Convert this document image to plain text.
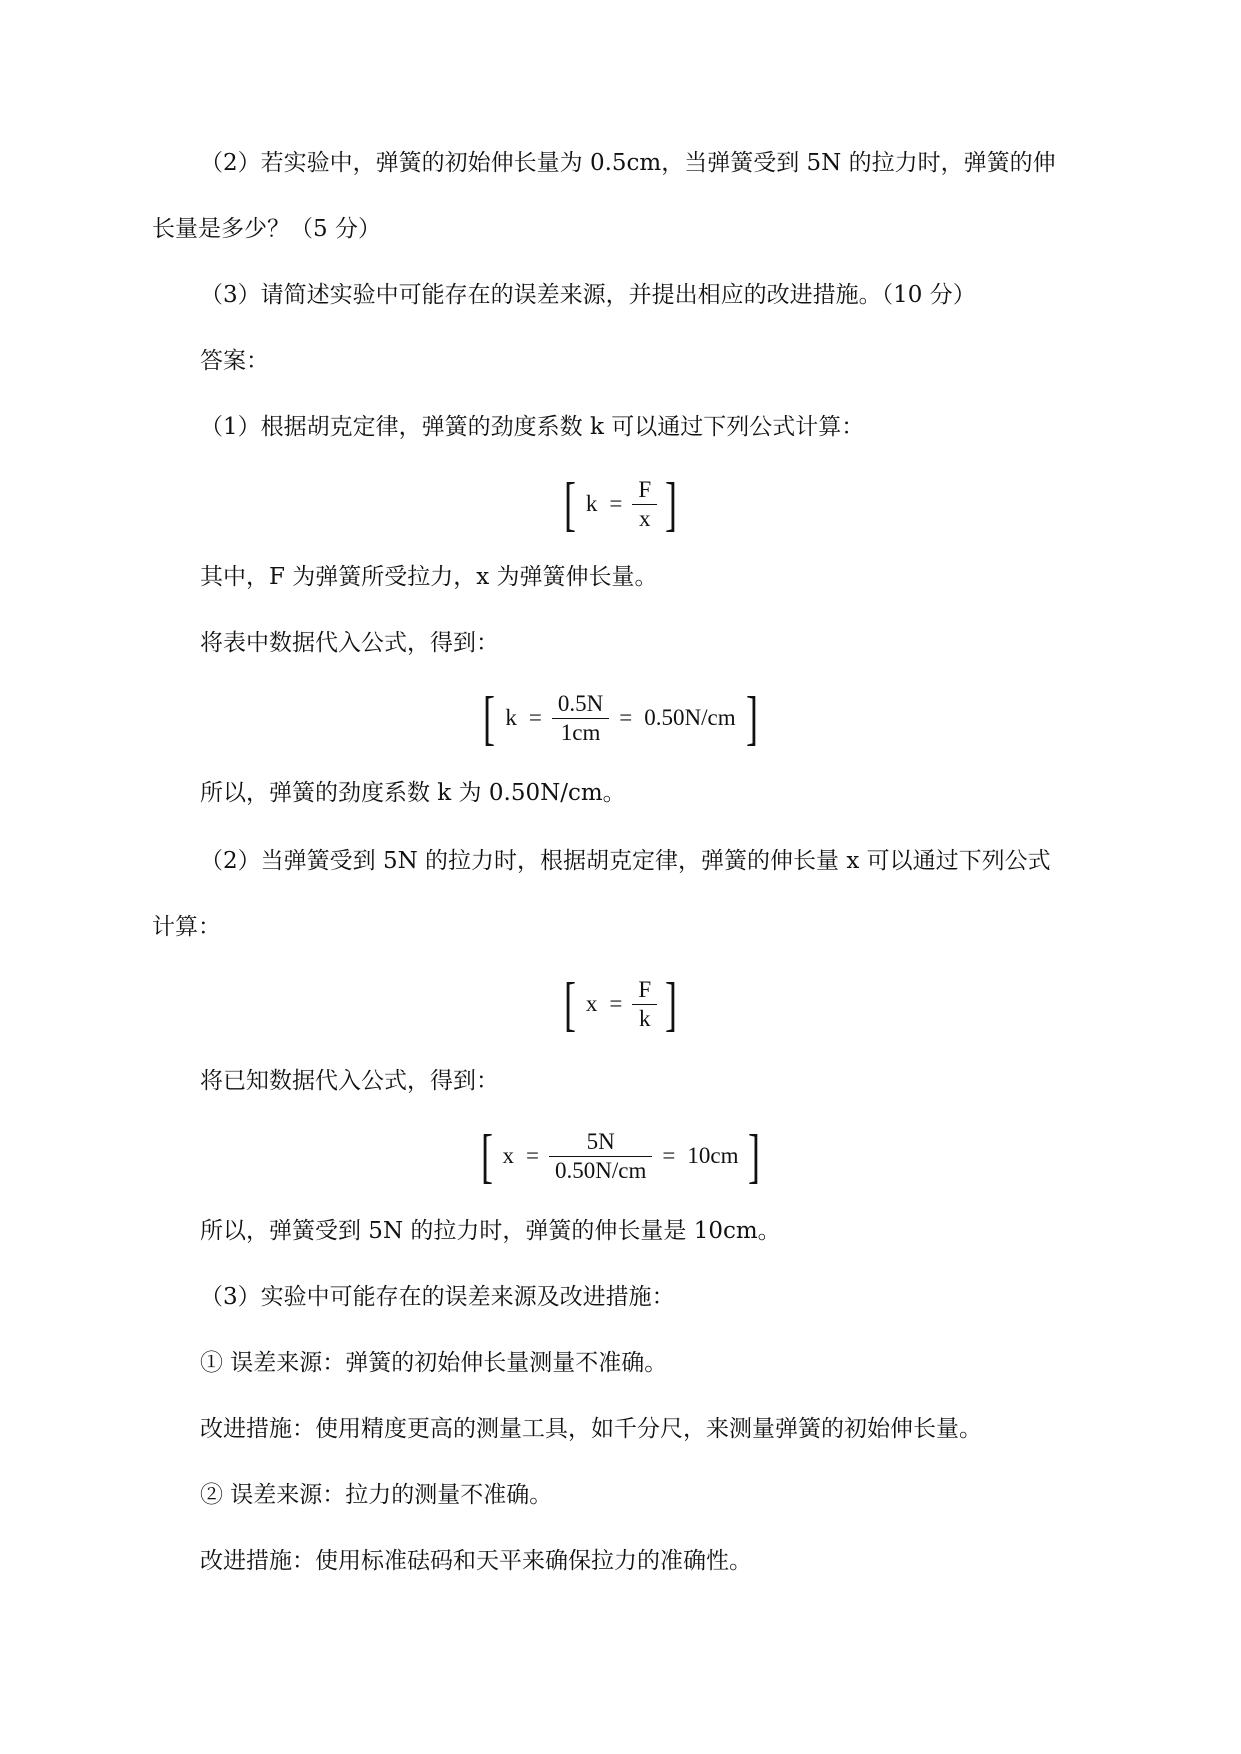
（2）若实验中，弹簧的初始伸长量为 0.5cm，当弹簧受到 5N 的拉力时，弹簧的伸
长量是多少？（5 分）
（3）请简述实验中可能存在的误差来源，并提出相应的改进措施。（10 分）
答案：
（1）根据胡克定律，弹簧的劲度系数 k 可以通过下列公式计算：
[ $k = \frac{F}{x}$ ]
其中，F 为弹簧所受拉力，x 为弹簧伸长量。
将表中数据代入公式，得到：
[ $k = \frac{0.5N}{1cm} = 0.50N/cm$ ]
所以，弹簧的劲度系数 k 为 0.50N/cm。
（2）当弹簧受到 5N 的拉力时，根据胡克定律，弹簧的伸长量 x 可以通过下列公式
计算：
[ $x = \frac{F}{k}$ ]
将已知数据代入公式，得到：
[ $x = \frac{5N}{0.50N/cm} = 10cm$ ]
所以，弹簧受到 5N 的拉力时，弹簧的伸长量是 10cm。
（3）实验中可能存在的误差来源及改进措施：
① 误差来源：弹簧的初始伸长量测量不准确。
改进措施：使用精度更高的测量工具，如千分尺，来测量弹簧的初始伸长量。
② 误差来源：拉力的测量不准确。
改进措施：使用标准砝码和天平来确保拉力的准确性。
